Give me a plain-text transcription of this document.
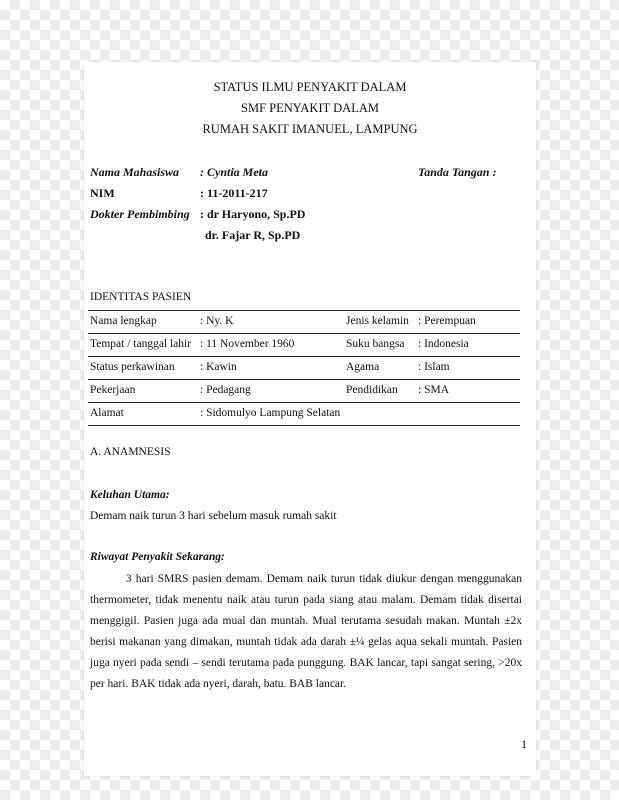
STATUS ILMU PENYAKIT DALAM
SMF PENYAKIT DALAM
RUMAH SAKIT IMANUEL, LAMPUNG
Nama Mahasiswa : Cyntia Meta	Tanda Tangan :
NIM	: 11-2011-217
Dokter Pembimbing : dr Haryono, Sp.PD
dr. Fajar R, Sp.PD
IDENTITAS PASIEN
Nama lengkap	: Ny. K	Jenis kelamin : Perempuan
Tempat / tanggal lahir : 11 November 1960	Suku bangsa : Indonesia
Status perkawinan : Kawin	Agama	: Islam
Pekerjaan	: Pedagang	Pendidikan : SMA
Alamat	: Sidomulyo Lampung Selatan
A. ANAMNESIS
Keluhan Utama:
Demam naik turun 3 hari sebelum masuk rumah sakit
Riwayat Penyakit Sekarang:

3 hari SMRS pasien demam. Demam naik turun tidak diukur dengan menggunakan thermometer, tidak menentu naik atau turun pada siang atau malam. Demam tidak disertai menggigil. Pasien juga ada mual dan muntah. Mual terutama sesudah makan. Muntah ±2x berisi makanan yang dimakan, muntah tidak ada darah ±¼ gelas aqua sekali muntah. Pasien juga nyeri pada sendi – sendi terutama pada punggung. BAK lancar, tapi sangat sering, >20x per hari. BAK tidak ada nyeri, darah, batu. BAB lancar.

1
